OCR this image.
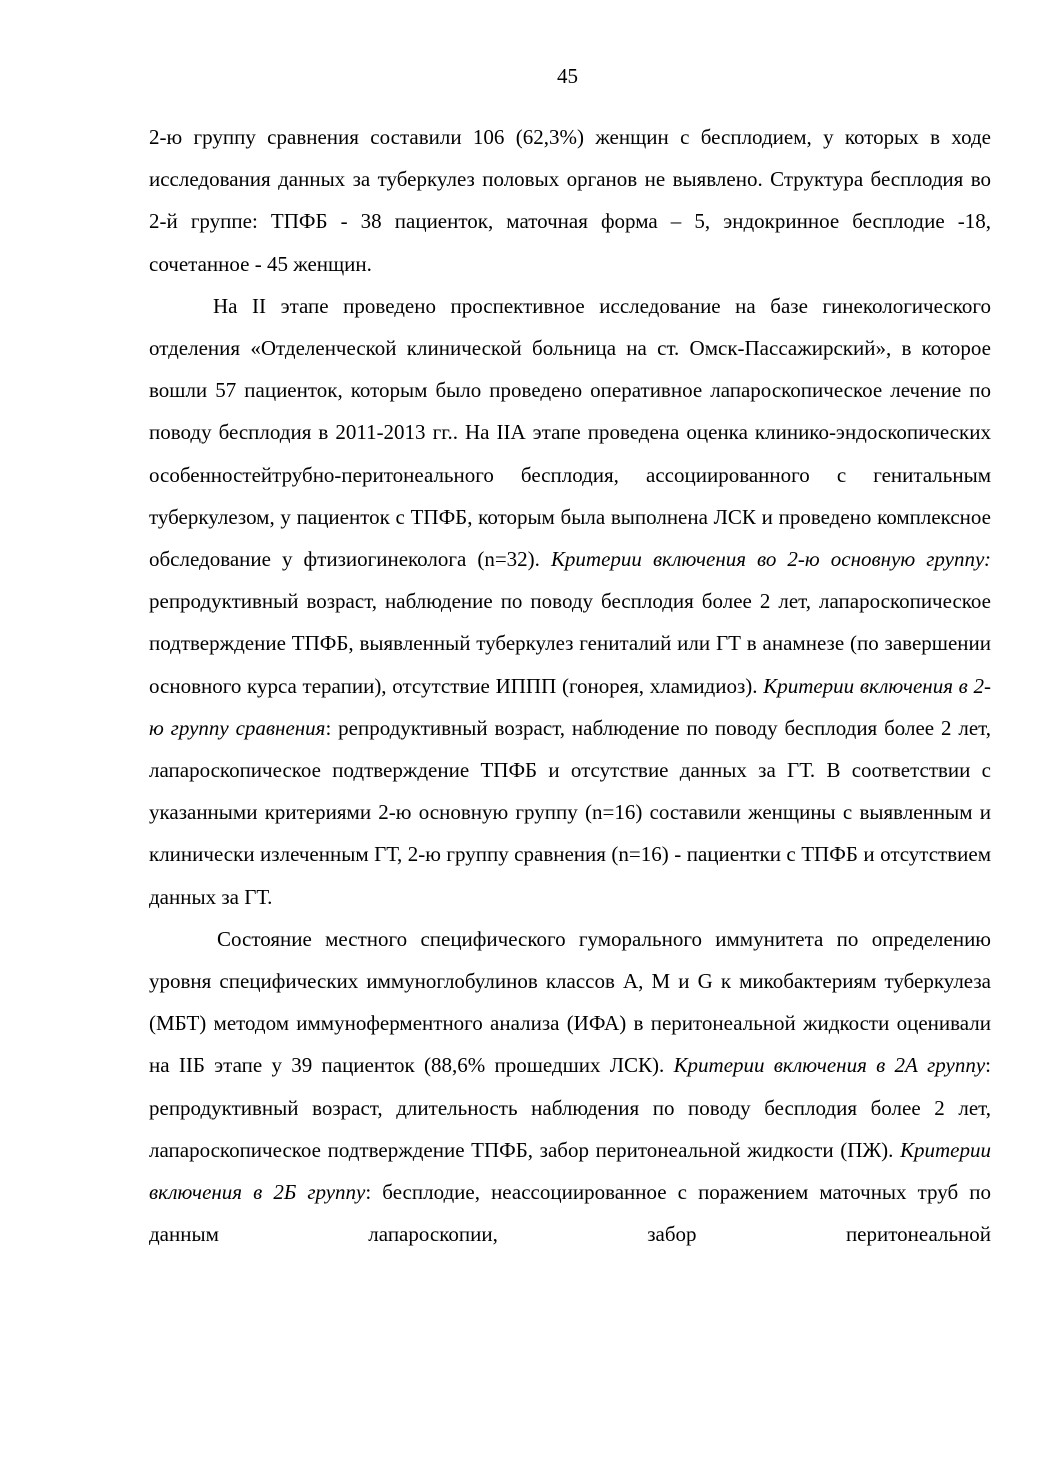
45

2-ю группу сравнения составили 106 (62,3%) женщин с бесплодием, у которых в ходе исследования данных за туберкулез половых органов не выявлено. Структура бесплодия во 2-й группе: ТПФБ - 38 пациенток, маточная форма – 5, эндокринное бесплодие -18, сочетанное - 45 женщин.

На II этапе проведено проспективное исследование на базе гинекологического отделения «Отделенческой клинической больница на ст. Омск-Пассажирский», в которое вошли 57 пациенток, которым было проведено оперативное лапароскопическое лечение по поводу бесплодия в 2011-2013 гг.. На IIА этапе проведена оценка клинико-эндоскопических особенностейтрубно-перитонеального бесплодия, ассоциированного с генитальным туберкулезом, у пациенток с ТПФБ, которым была выполнена ЛСК и проведено комплексное обследование у фтизиогинеколога (n=32). Критерии включения во 2-ю основную группу: репродуктивный возраст, наблюдение по поводу бесплодия более 2 лет, лапароскопическое подтверждение ТПФБ, выявленный туберкулез гениталий или ГТ в анамнезе (по завершении основного курса терапии), отсутствие ИППП (гонорея, хламидиоз). Критерии включения в 2-ю группу сравнения: репродуктивный возраст, наблюдение по поводу бесплодия более 2 лет, лапароскопическое подтверждение ТПФБ и отсутствие данных за ГТ. В соответствии с указанными критериями 2-ю основную группу (n=16) составили женщины с выявленным и клинически излеченным ГТ, 2-ю группу сравнения (n=16) - пациентки с ТПФБ и отсутствием данных за ГТ.

Состояние местного специфического гуморального иммунитета по определению уровня специфических иммуноглобулинов классов А, М и G к микобактериям туберкулеза (МБТ) методом иммуноферментного анализа (ИФА) в перитонеальной жидкости оценивали на IIБ этапе у 39 пациенток (88,6% прошедших ЛСК). Критерии включения в 2А группу: репродуктивный возраст, длительность наблюдения по поводу бесплодия более 2 лет, лапароскопическое подтверждение ТПФБ, забор перитонеальной жидкости (ПЖ). Критерии включения в 2Б группу: бесплодие, неассоциированное с поражением маточных труб по данным лапароскопии, забор перитонеальной
